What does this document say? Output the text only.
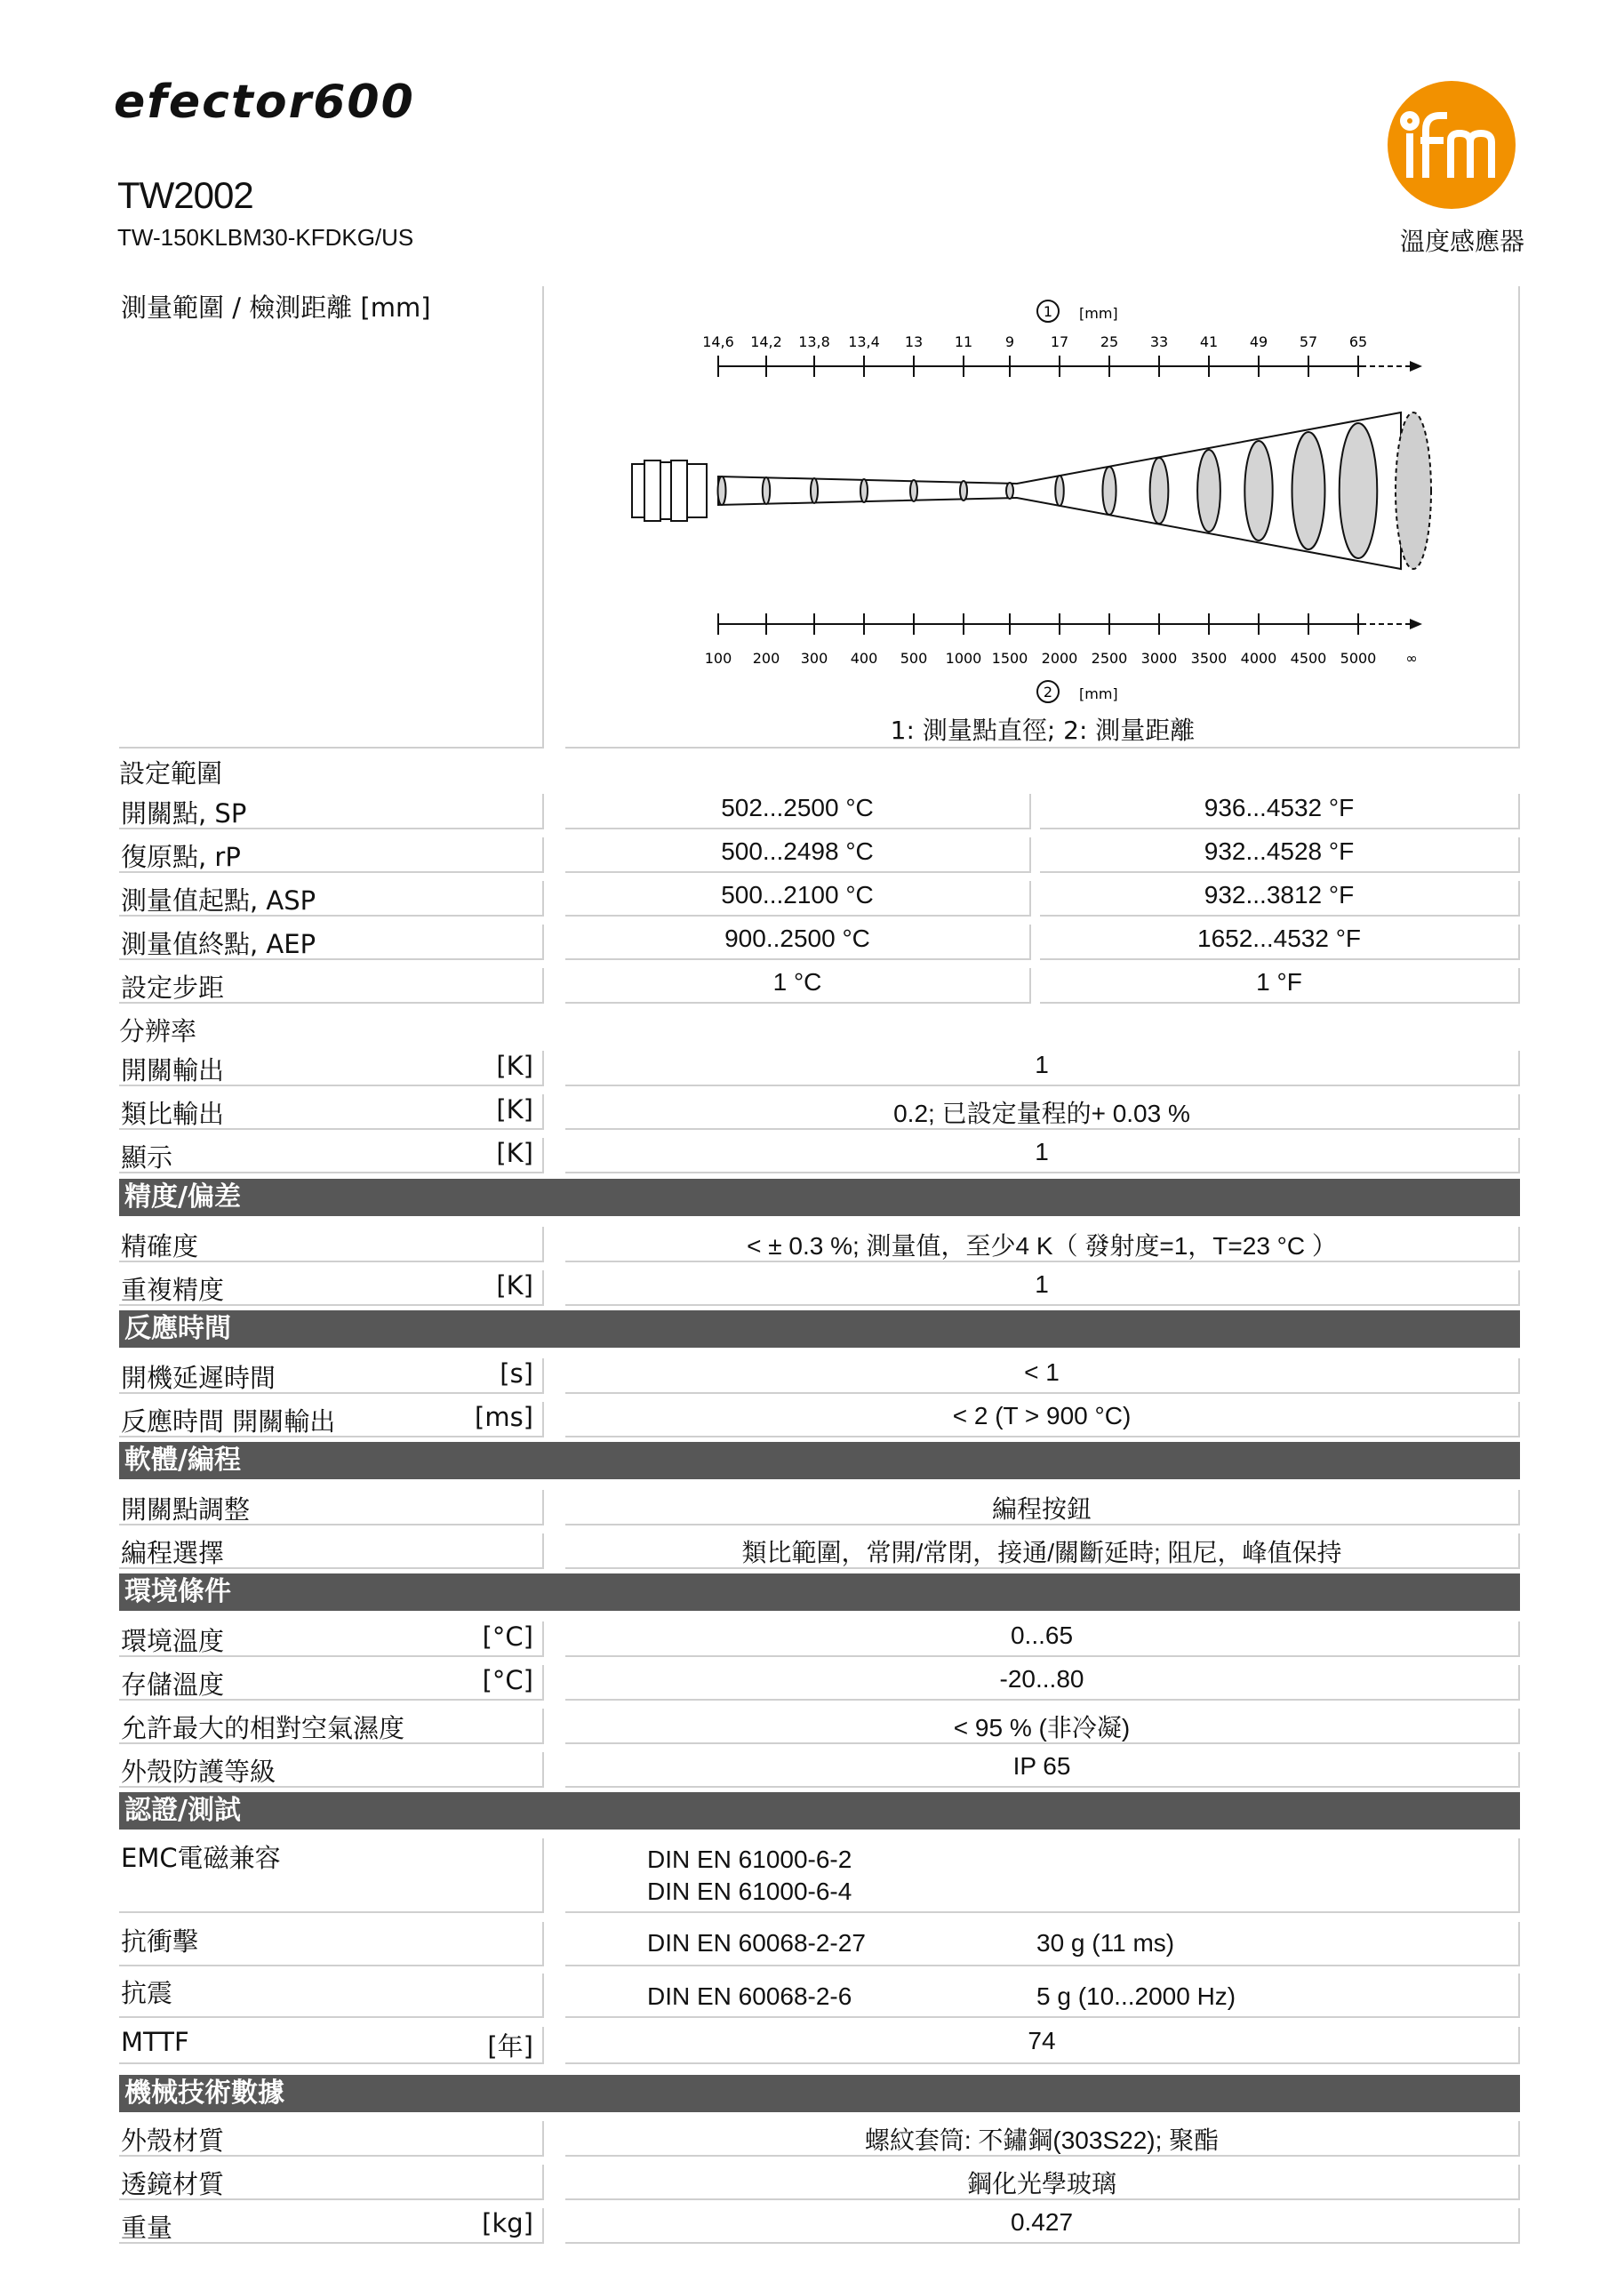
efector600
TW2002
TW-150KLBM30-KFDKG/US	溫度感應器
測量範圍 / 檢測距離 [mm]	1 [mm]
14,6 14,2 13,8 13,4 13 11 9	17 25 33 41 49 57 65
100 200 300 400 500 1000 1500 2000 2500 3000 3500 4000 4500 5000 ∞
2 [mm]
1: 測量點直徑; 2: 測量距離
設定範圍
開關點, SP	502...2500 °C	936...4532 °F
復原點, rP	500...2498 °C	932...4528 °F
測量值起點, ASP	500...2100 °C	932...3812 °F
測量值終點, AEP	900..2500 °C	1652...4532 °F
設定步距	1 °C	1 °F
分辨率
開關輸出	[K]	1
類比輸出	[K]	0.2; 已設定量程的+ 0.03 %
顯示	[K]	1
精度/偏差
精確度	< ± 0.3 %; 測量值，至少4 K（ 發射度=1，T=23 °C ）
重複精度	[K]	1
反應時間
開機延遲時間	[s]	< 1
反應時間 開關輸出	[ms]	< 2 (T > 900 °C)
軟體/編程
開關點調整	編程按鈕
編程選擇	類比範圍，常開/常閉，接通/關斷延時; 阻尼，峰值保持
環境條件
環境溫度	[°C]	0...65
存儲溫度	[°C]	-20...80
允許最大的相對空氣濕度	< 95 % (非冷凝)
外殼防護等級	IP 65
認證/測試
EMC電磁兼容	DIN EN 61000-6-2
DIN EN 61000-6-4
抗衝擊	DIN EN 60068-2-27	30 g (11 ms)
抗震	DIN EN 60068-2-6	5 g (10...2000 Hz)
MTTF	[年]	74
機械技術數據
外殼材質	螺紋套筒: 不鏽鋼(303S22); 聚酯
透鏡材質	鋼化光學玻璃
重量	[kg]	0.427
